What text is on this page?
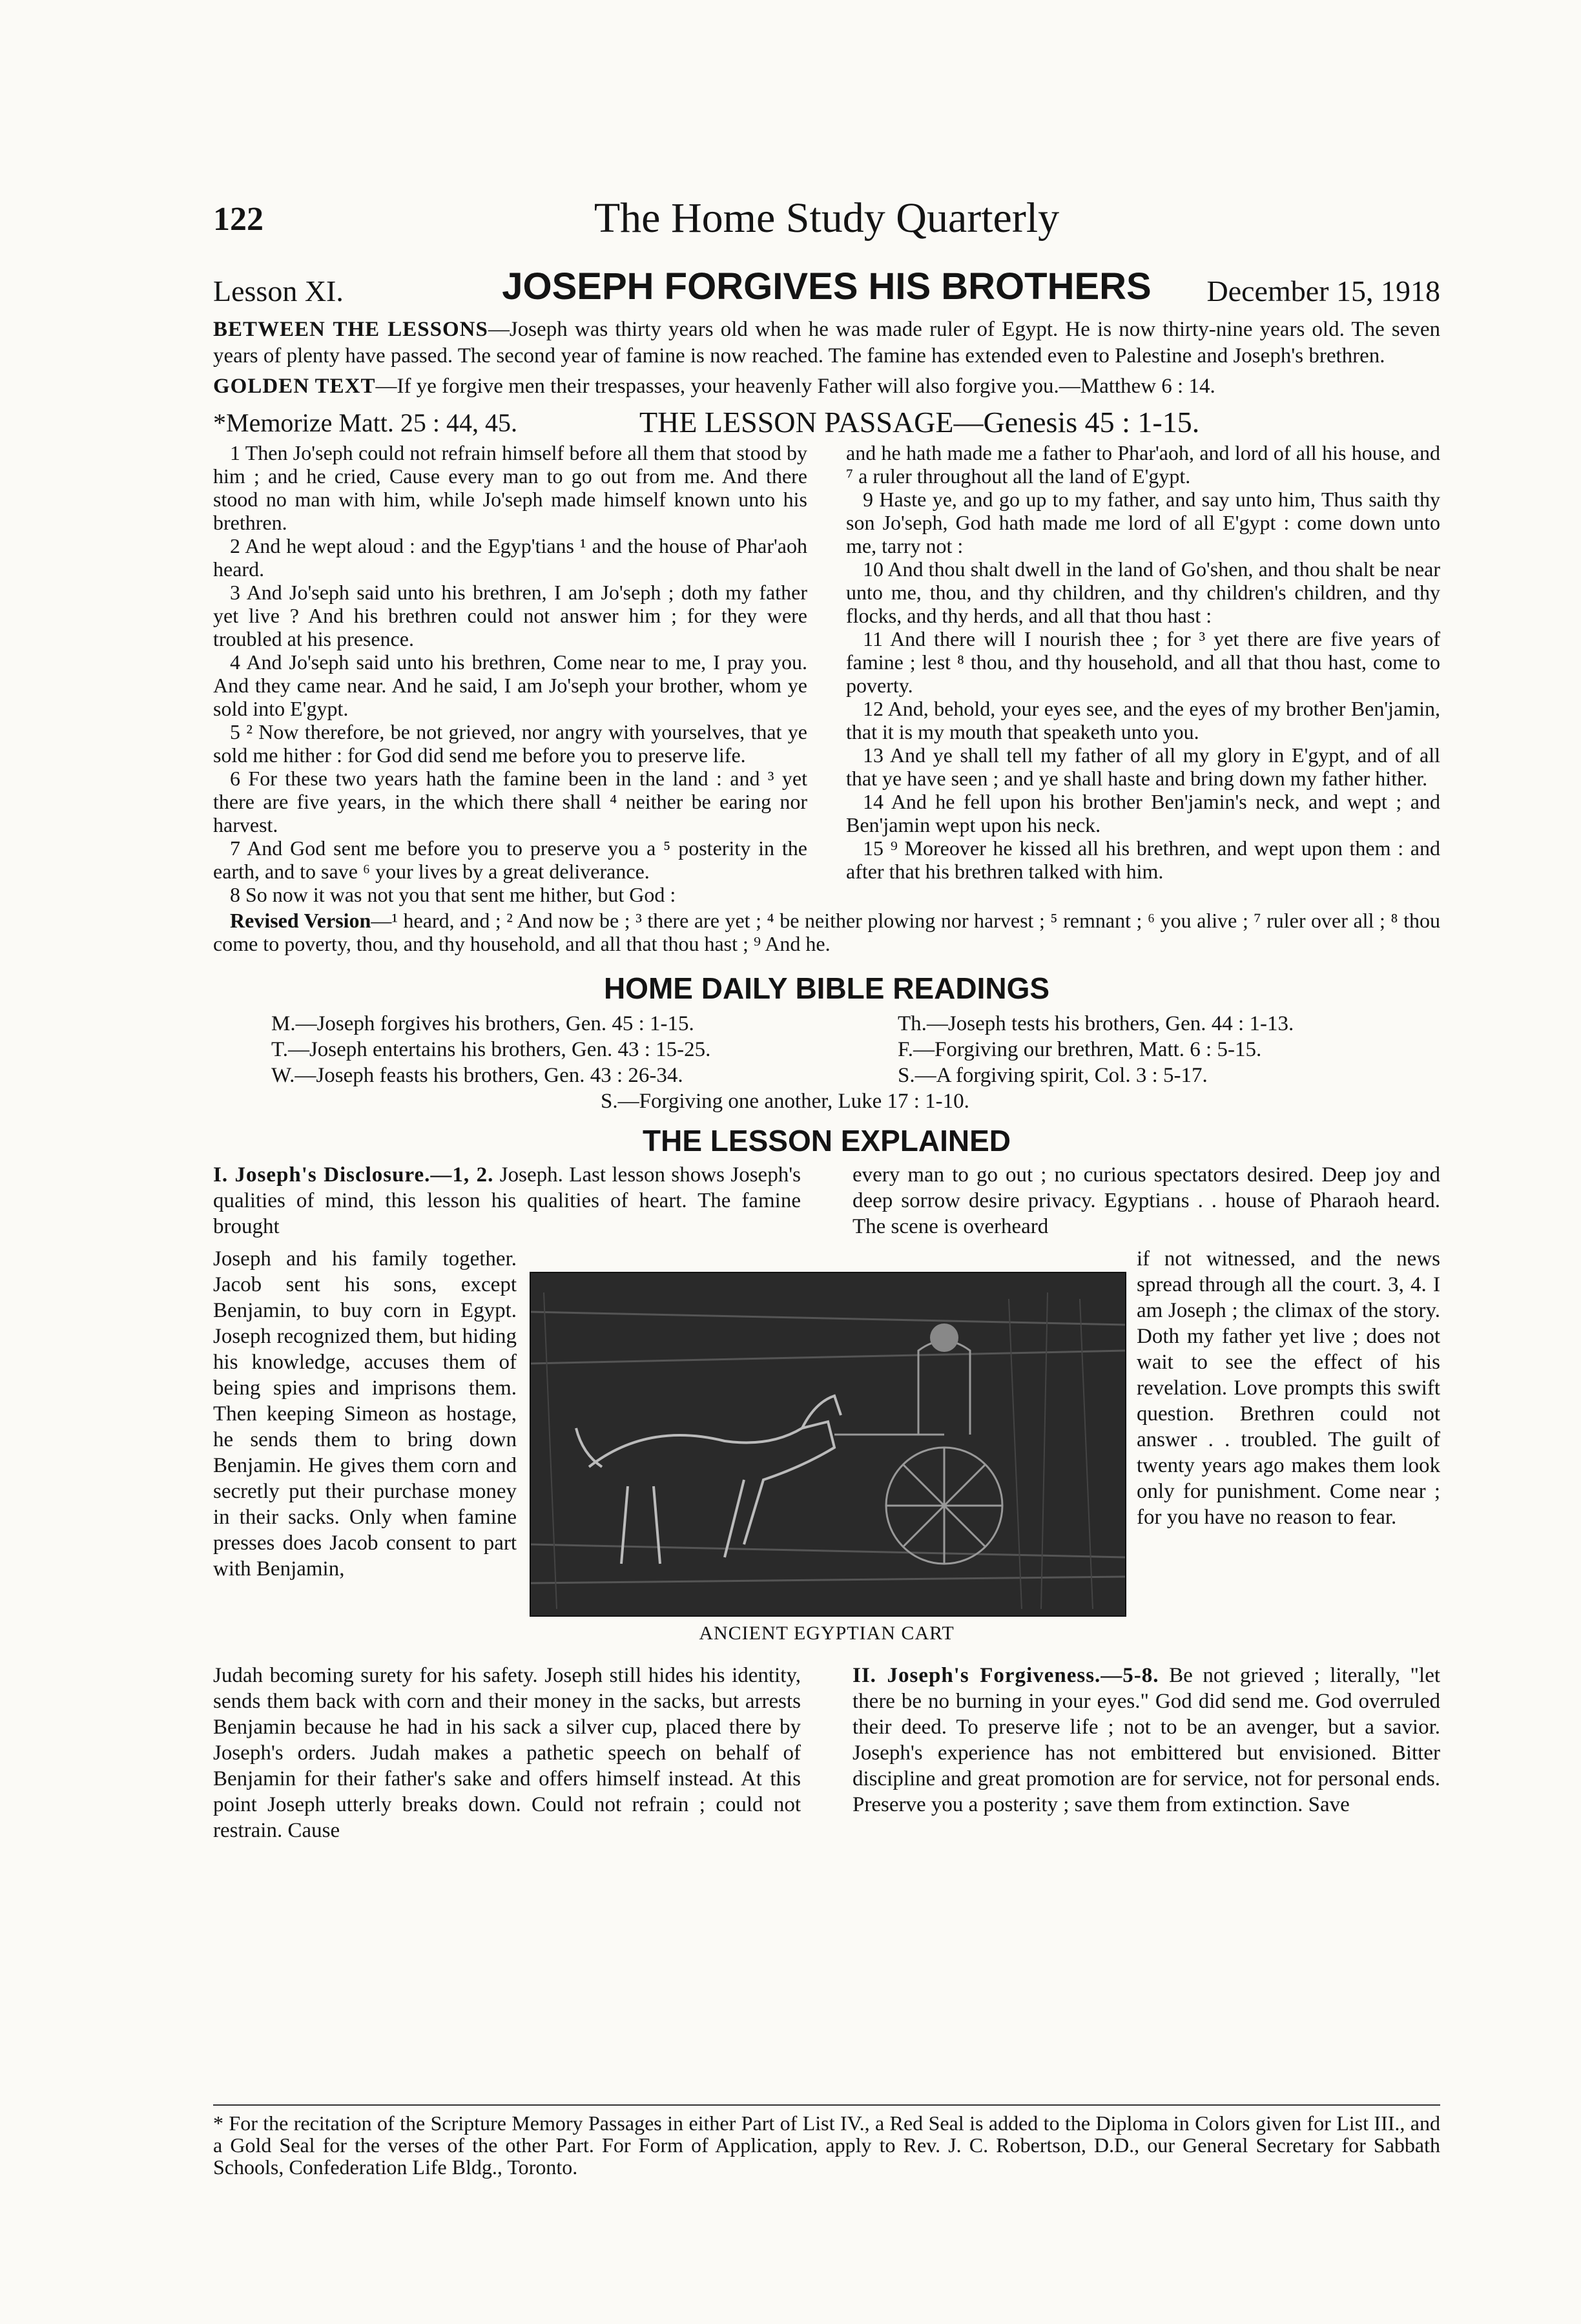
122	The Home Study Quarterly
Lesson XI.	JOSEPH FORGIVES HIS BROTHERS	December 15, 1918

BETWEEN THE LESSONS—Joseph was thirty years old when he was made ruler of Egypt. He is now thirty-nine years old. The seven years of plenty have passed. The second year of famine is now reached. The famine has extended even to Palestine and Joseph's brethren.

GOLDEN TEXT—If ye forgive men their trespasses, your heavenly Father will also forgive you.—Matthew 6 : 14.

*Memorize Matt. 25 : 44, 45.	THE LESSON PASSAGE—Genesis 45 : 1-15.

1 Then Jo'seph could not refrain himself before all them that stood by him ; and he cried, Cause every man to go out from me. And there stood no man with him, while Jo'seph made himself known unto his brethren.

2 And he wept aloud : and the Egyp'tians ¹ and the house of Phar'aoh heard.

3 And Jo'seph said unto his brethren, I am Jo'seph ; doth my father yet live ? And his brethren could not answer him ; for they were troubled at his presence.

4 And Jo'seph said unto his brethren, Come near to me, I pray you. And they came near. And he said, I am Jo'seph your brother, whom ye sold into E'gypt.

5 ² Now therefore, be not grieved, nor angry with yourselves, that ye sold me hither : for God did send me before you to preserve life.

6 For these two years hath the famine been in the land : and ³ yet there are five years, in the which there shall ⁴ neither be earing nor harvest.

7 And God sent me before you to preserve you a ⁵ posterity in the earth, and to save ⁶ your lives by a great deliverance.

8 So now it was not you that sent me hither, but God :

and he hath made me a father to Phar'aoh, and lord of all his house, and ⁷ a ruler throughout all the land of E'gypt.

9 Haste ye, and go up to my father, and say unto him, Thus saith thy son Jo'seph, God hath made me lord of all E'gypt : come down unto me, tarry not :

10 And thou shalt dwell in the land of Go'shen, and thou shalt be near unto me, thou, and thy children, and thy children's children, and thy flocks, and thy herds, and all that thou hast :

11 And there will I nourish thee ; for ³ yet there are five years of famine ; lest ⁸ thou, and thy household, and all that thou hast, come to poverty.

12 And, behold, your eyes see, and the eyes of my brother Ben'jamin, that it is my mouth that speaketh unto you.

13 And ye shall tell my father of all my glory in E'gypt, and of all that ye have seen ; and ye shall haste and bring down my father hither.

14 And he fell upon his brother Ben'jamin's neck, and wept ; and Ben'jamin wept upon his neck.

15 ⁹ Moreover he kissed all his brethren, and wept upon them : and after that his brethren talked with him.

Revised Version—¹ heard, and ; ² And now be ; ³ there are yet ; ⁴ be neither plowing nor harvest ; ⁵ remnant ; ⁶ you alive ; ⁷ ruler over all ; ⁸ thou come to poverty, thou, and thy household, and all that thou hast ; ⁹ And he.

HOME DAILY BIBLE READINGS
M.—Joseph forgives his brothers, Gen. 45 : 1-15.
T.—Joseph entertains his brothers, Gen. 43 : 15-25.
W.—Joseph feasts his brothers, Gen. 43 : 26-34.
Th.—Joseph tests his brothers, Gen. 44 : 1-13.
F.—Forgiving our brethren, Matt. 6 : 5-15.
S.—A forgiving spirit, Col. 3 : 5-17.
S.—Forgiving one another, Luke 17 : 1-10.
THE LESSON EXPLAINED
I. Joseph's Disclosure.—1, 2. Joseph. Last lesson shows Joseph's qualities of mind, this lesson his qualities of heart. The famine brought
Joseph and his family together. Jacob sent his sons, except Benjamin, to buy corn in Egypt. Joseph recognized them, but hiding his knowledge, accuses them of being spies and imprisons them. Then keeping Simeon as hostage, he sends them to bring down Benjamin. He gives them corn and secretly put their purchase money in their sacks. Only when famine presses does Jacob consent to part with Benjamin,
Judah becoming surety for his safety. Joseph still hides his identity, sends them back with corn and their money in the sacks, but arrests Benjamin because he had in his sack a silver cup, placed there by Joseph's orders. Judah makes a pathetic speech on behalf of Benjamin for their father's sake and offers himself instead. At this point Joseph utterly breaks down. Could not refrain ; could not restrain. Cause
every man to go out ; no curious spectators desired. Deep joy and deep sorrow desire privacy. Egyptians . . house of Pharaoh heard. The scene is overheard
if not witnessed, and the news spread through all the court. 3, 4. I am Joseph ; the climax of the story. Doth my father yet live ; does not wait to see the effect of his revelation. Love prompts this swift question. Brethren could not answer . . troubled. The guilt of twenty years ago makes them look only for punishment. Come near ; for you have no reason to fear.
II. Joseph's Forgiveness.—5-8. Be not grieved ; literally, "let there be no burning in your eyes." God did send me. God overruled their deed. To preserve life ; not to be an avenger, but a savior. Joseph's experience has not embittered but envisioned. Bitter discipline and great promotion are for service, not for personal ends. Preserve you a posterity ; save them from extinction. Save
ANCIENT EGYPTIAN CART

* For the recitation of the Scripture Memory Passages in either Part of List IV., a Red Seal is added to the Diploma in Colors given for List III., and a Gold Seal for the verses of the other Part. For Form of Application, apply to Rev. J. C. Robertson, D.D., our General Secretary for Sabbath Schools, Confederation Life Bldg., Toronto.
